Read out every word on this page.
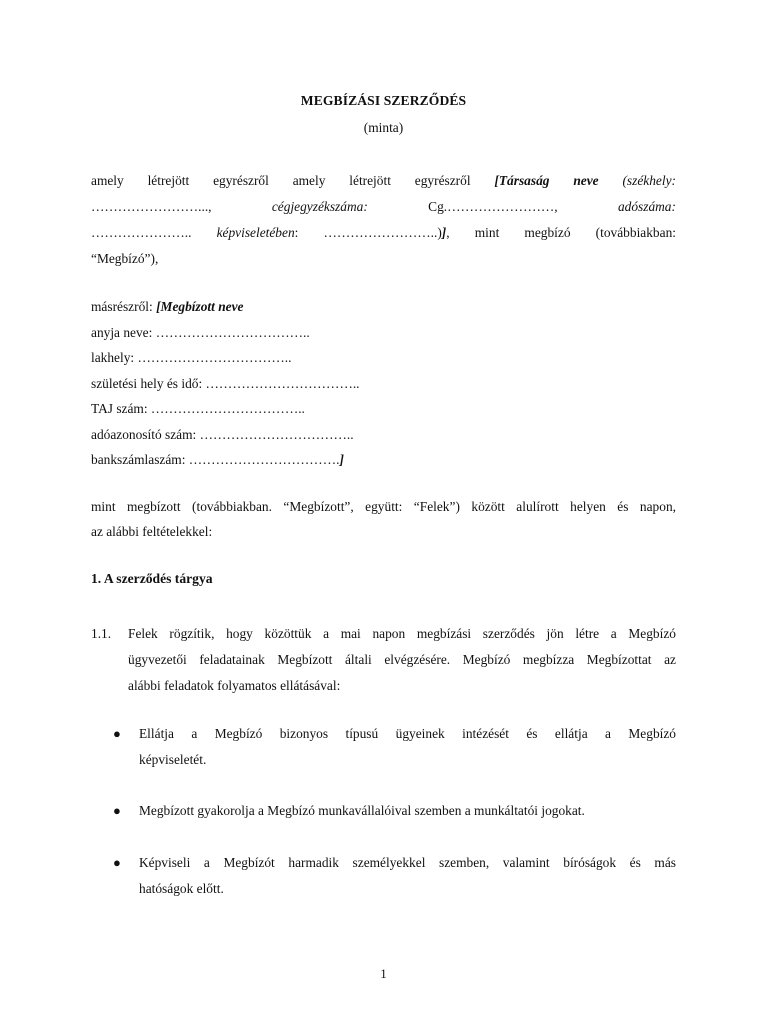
MEGBÍZÁSI SZERZŐDÉS
(minta)
amely létrejött egyrészről amely létrejött egyrészről [Társaság neve (székhely:
……………………...,	cégjegyzékszáma:	Cg.……………………,	adószáma:
………………….. képviseletében: ……………………..)], mint megbízó (továbbiakban:
“Megbízó”),
másrészről: [Megbízott neve
anyja neve: ……………………………..
lakhely: ……………………………..
születési hely és idő: ……………………………..
TAJ szám: ……………………………..
adóazonosító szám: ……………………………..
bankszámlaszám: …………………………….]
mint megbízott (továbbiakban. “Megbízott”, együtt: “Felek”) között alulírott helyen és napon,
az alábbi feltételekkel:
1. A szerződés tárgya
1.1. Felek rögzítik, hogy közöttük a mai napon megbízási szerződés jön létre a Megbízó
ügyvezetői feladatainak Megbízott általi elvégzésére. Megbízó megbízza Megbízottat az
alábbi feladatok folyamatos ellátásával:
● Ellátja a Megbízó bizonyos típusú ügyeinek intézését és ellátja a Megbízó
képviseletét.
● Megbízott gyakorolja a Megbízó munkavállalóival szemben a munkáltatói jogokat.
● Képviseli a Megbízót harmadik személyekkel szemben, valamint bíróságok és más
hatóságok előtt.
1
